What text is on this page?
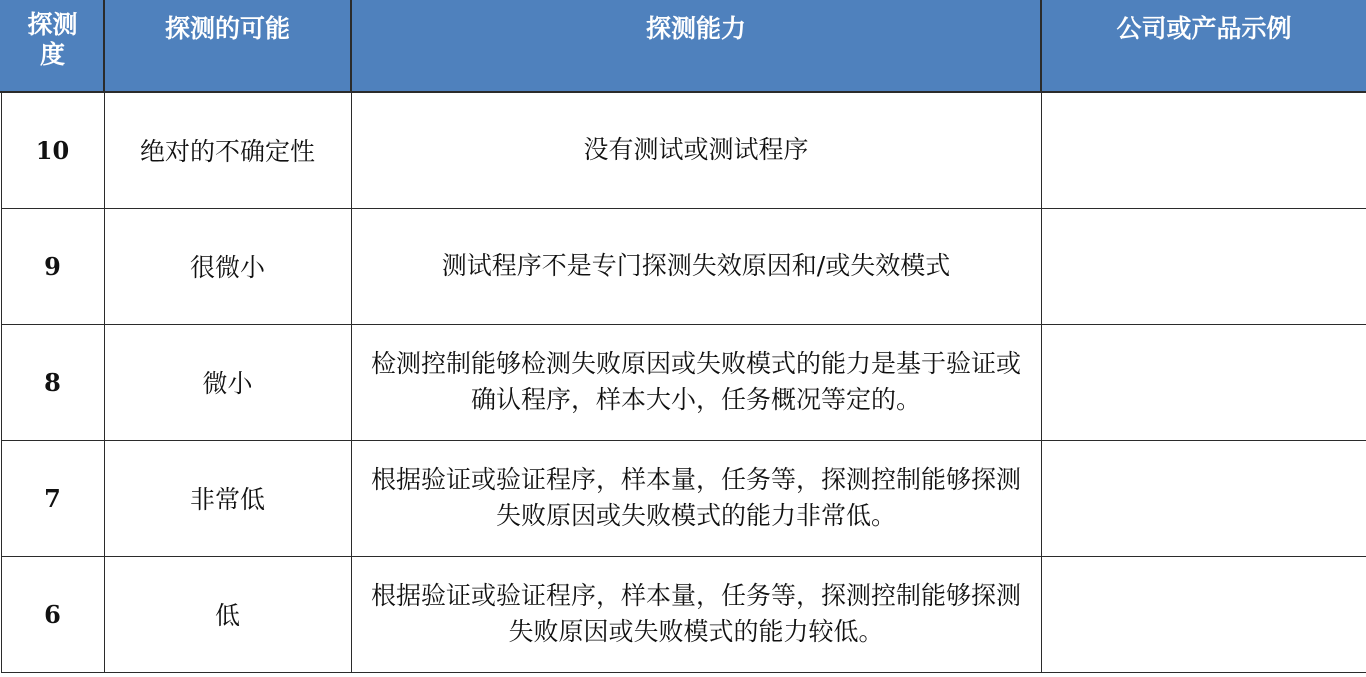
探测度	探测的可能	探测能力	公司或产品示例

10	绝对的不确定性	没有测试或测试程序	
9	很微小	测试程序不是专门探测失效原因和/或失效模式	
8	微小	检测控制能够检测失败原因或失败模式的能力是基于验证或确认程序，样本大小，任务概况等定的。	
7	非常低	根据验证或验证程序，样本量，任务等，探测控制能够探测失败原因或失败模式的能力非常低。	
6	低	根据验证或验证程序，样本量，任务等，探测控制能够探测失败原因或失败模式的能力较低。	
